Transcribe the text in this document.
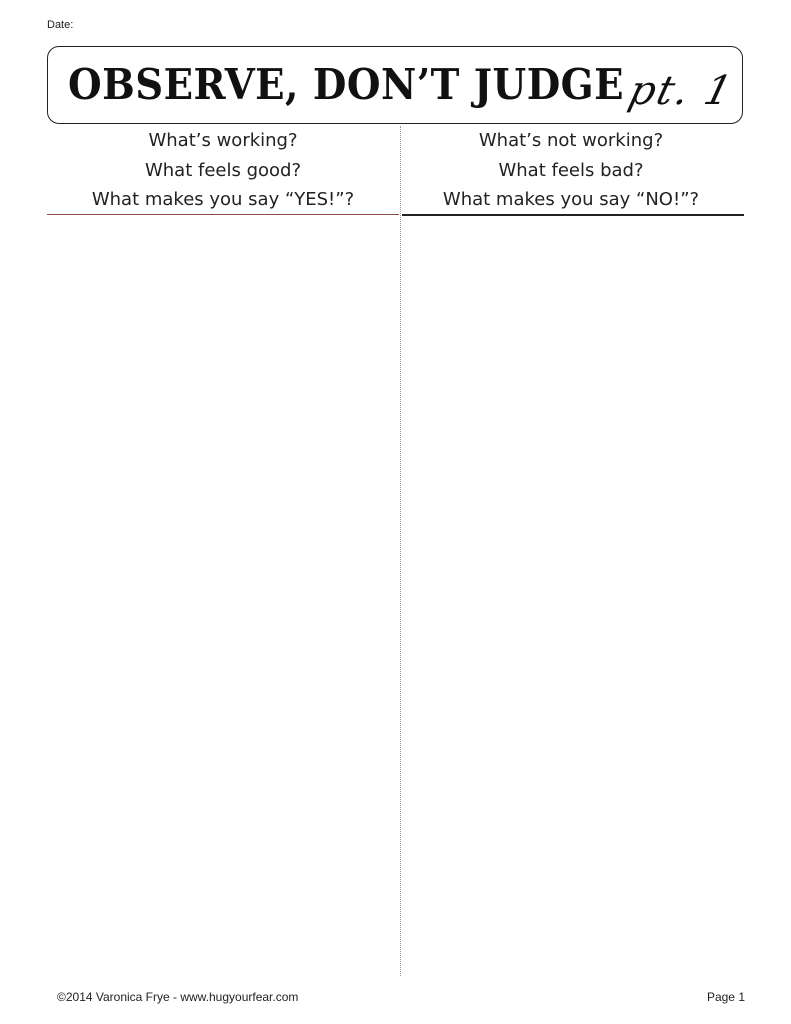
Date:
OBSERVE, DON’T JUDGE pt. 1
What’s working?
What feels good?
What makes you say “YES!”?
What’s not working?
What feels bad?
What makes you say “NO!”?
©2014 Varonica Frye - www.hugyourfear.com	Page 1
